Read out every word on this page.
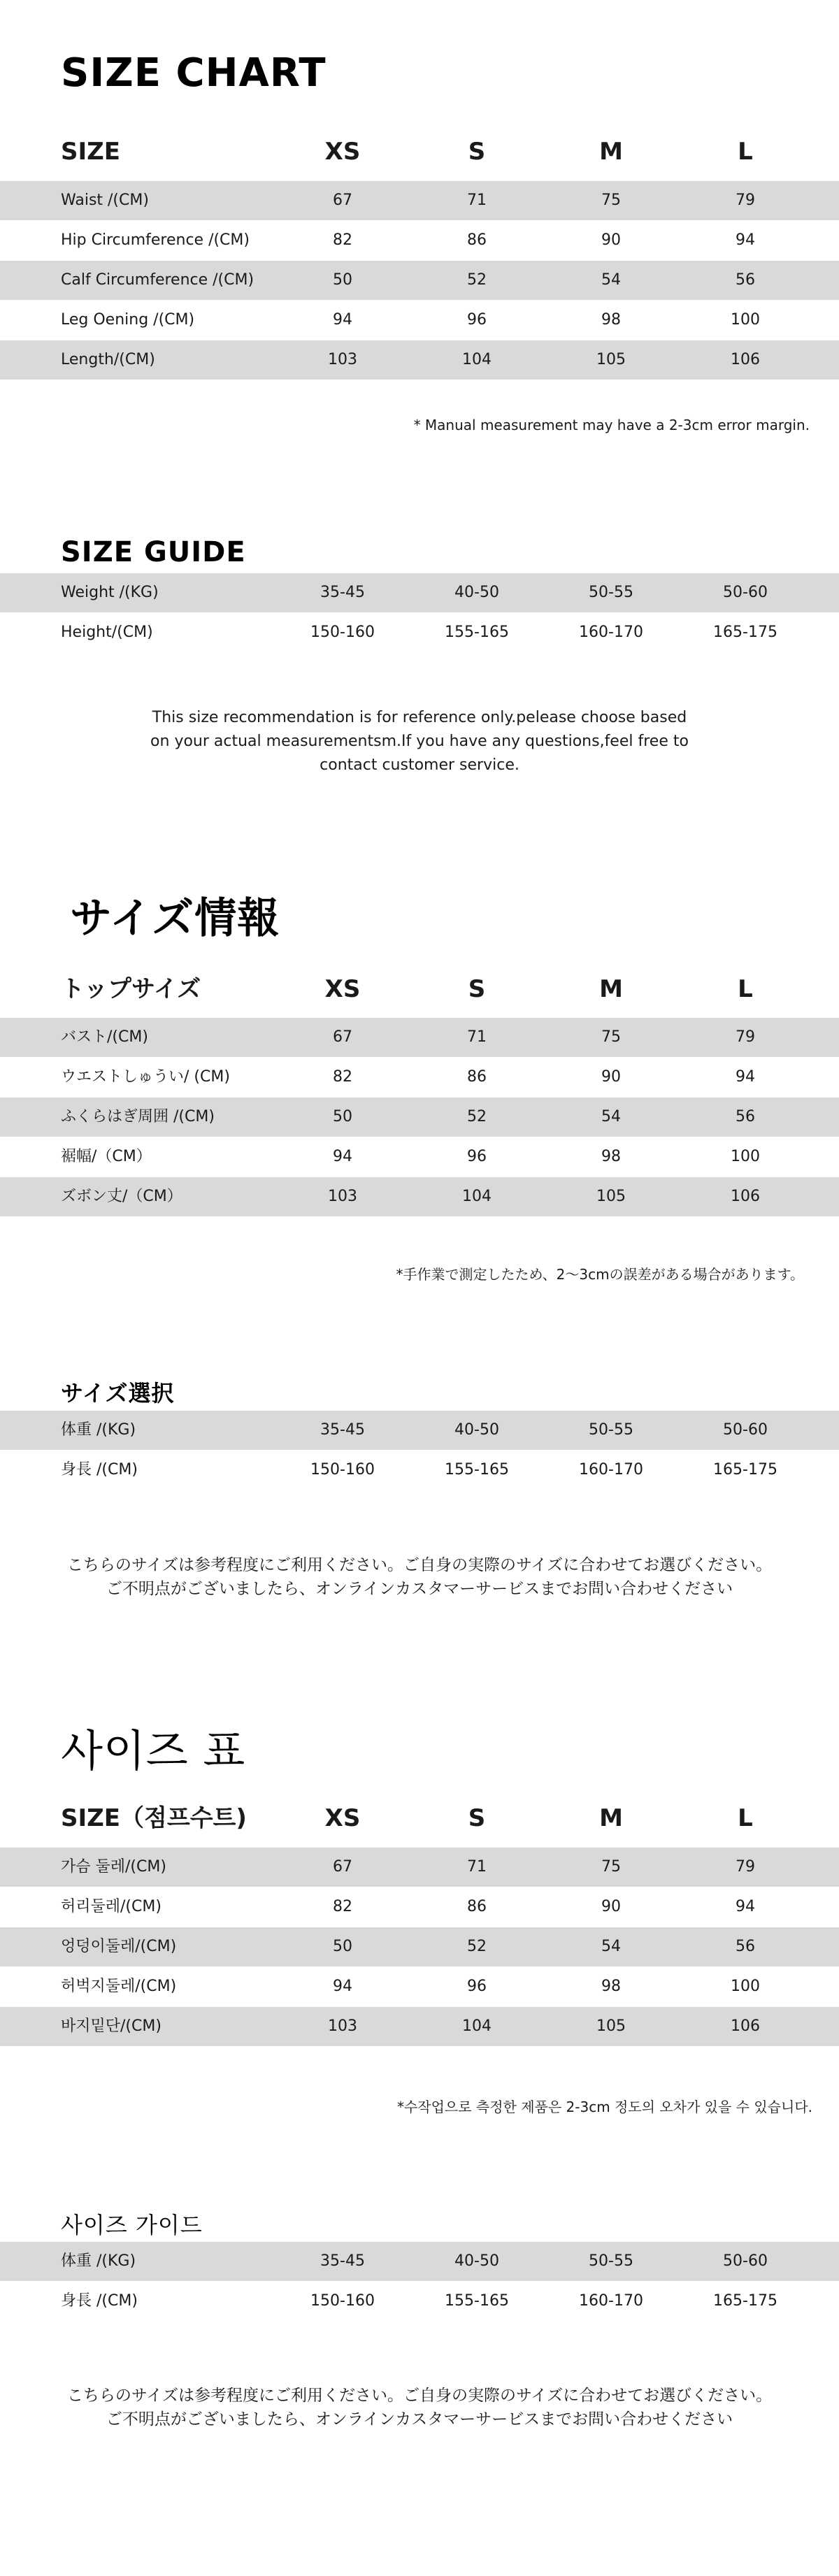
SIZE CHART
SIZE	XS	S	M	L
Waist /(CM)	67	71	75	79
Hip Circumference /(CM)	82	86	90	94
Calf Circumference /(CM)	50	52	54	56
Leg Oening /(CM)	94	96	98	100
Length/(CM)	103	104	105	106
* Manual measurement may have a 2-3cm error margin.
SIZE GUIDE
Weight /(KG)	35-45	40-50	50-55	50-60
Height/(CM)	150-160	155-165	160-170	165-175
This size recommendation is for reference only.pelease choose based
on your actual measurementsm.If you have any questions,feel free to
contact customer service.
サイズ情報
トップサイズ	XS	S	M	L
バスト/(CM)	67	71	75	79
ウエストしゅうい/ (CM)	82	86	90	94
ふくらはぎ周囲 /(CM)	50	52	54	56
裾幅/（CM）	94	96	98	100
ズボン丈/（CM）	103	104	105	106
*手作業で測定したため、2～3cmの誤差がある場合があります。
サイズ選択
体重 /(KG)	35-45	40-50	50-55	50-60
身長 /(CM)	150-160	155-165	160-170	165-175
こちらのサイズは参考程度にご利用ください。ご自身の実際のサイズに合わせてお選びください。
ご不明点がございましたら、オンラインカスタマーサービスまでお問い合わせください
사이즈 표
SIZE（점프수트)	XS	S	M	L
가슴 둘레/(CM)	67	71	75	79
허리둘레/(CM)	82	86	90	94
엉덩이둘레/(CM)	50	52	54	56
허벅지둘레/(CM)	94	96	98	100
바지밑단/(CM)	103	104	105	106
*수작업으로 측정한 제품은 2-3cm 정도의 오차가 있을 수 있습니다.
사이즈 가이드
体重 /(KG)	35-45	40-50	50-55	50-60
身長 /(CM)	150-160	155-165	160-170	165-175
こちらのサイズは参考程度にご利用ください。ご自身の実際のサイズに合わせてお選びください。
ご不明点がございましたら、オンラインカスタマーサービスまでお問い合わせください
